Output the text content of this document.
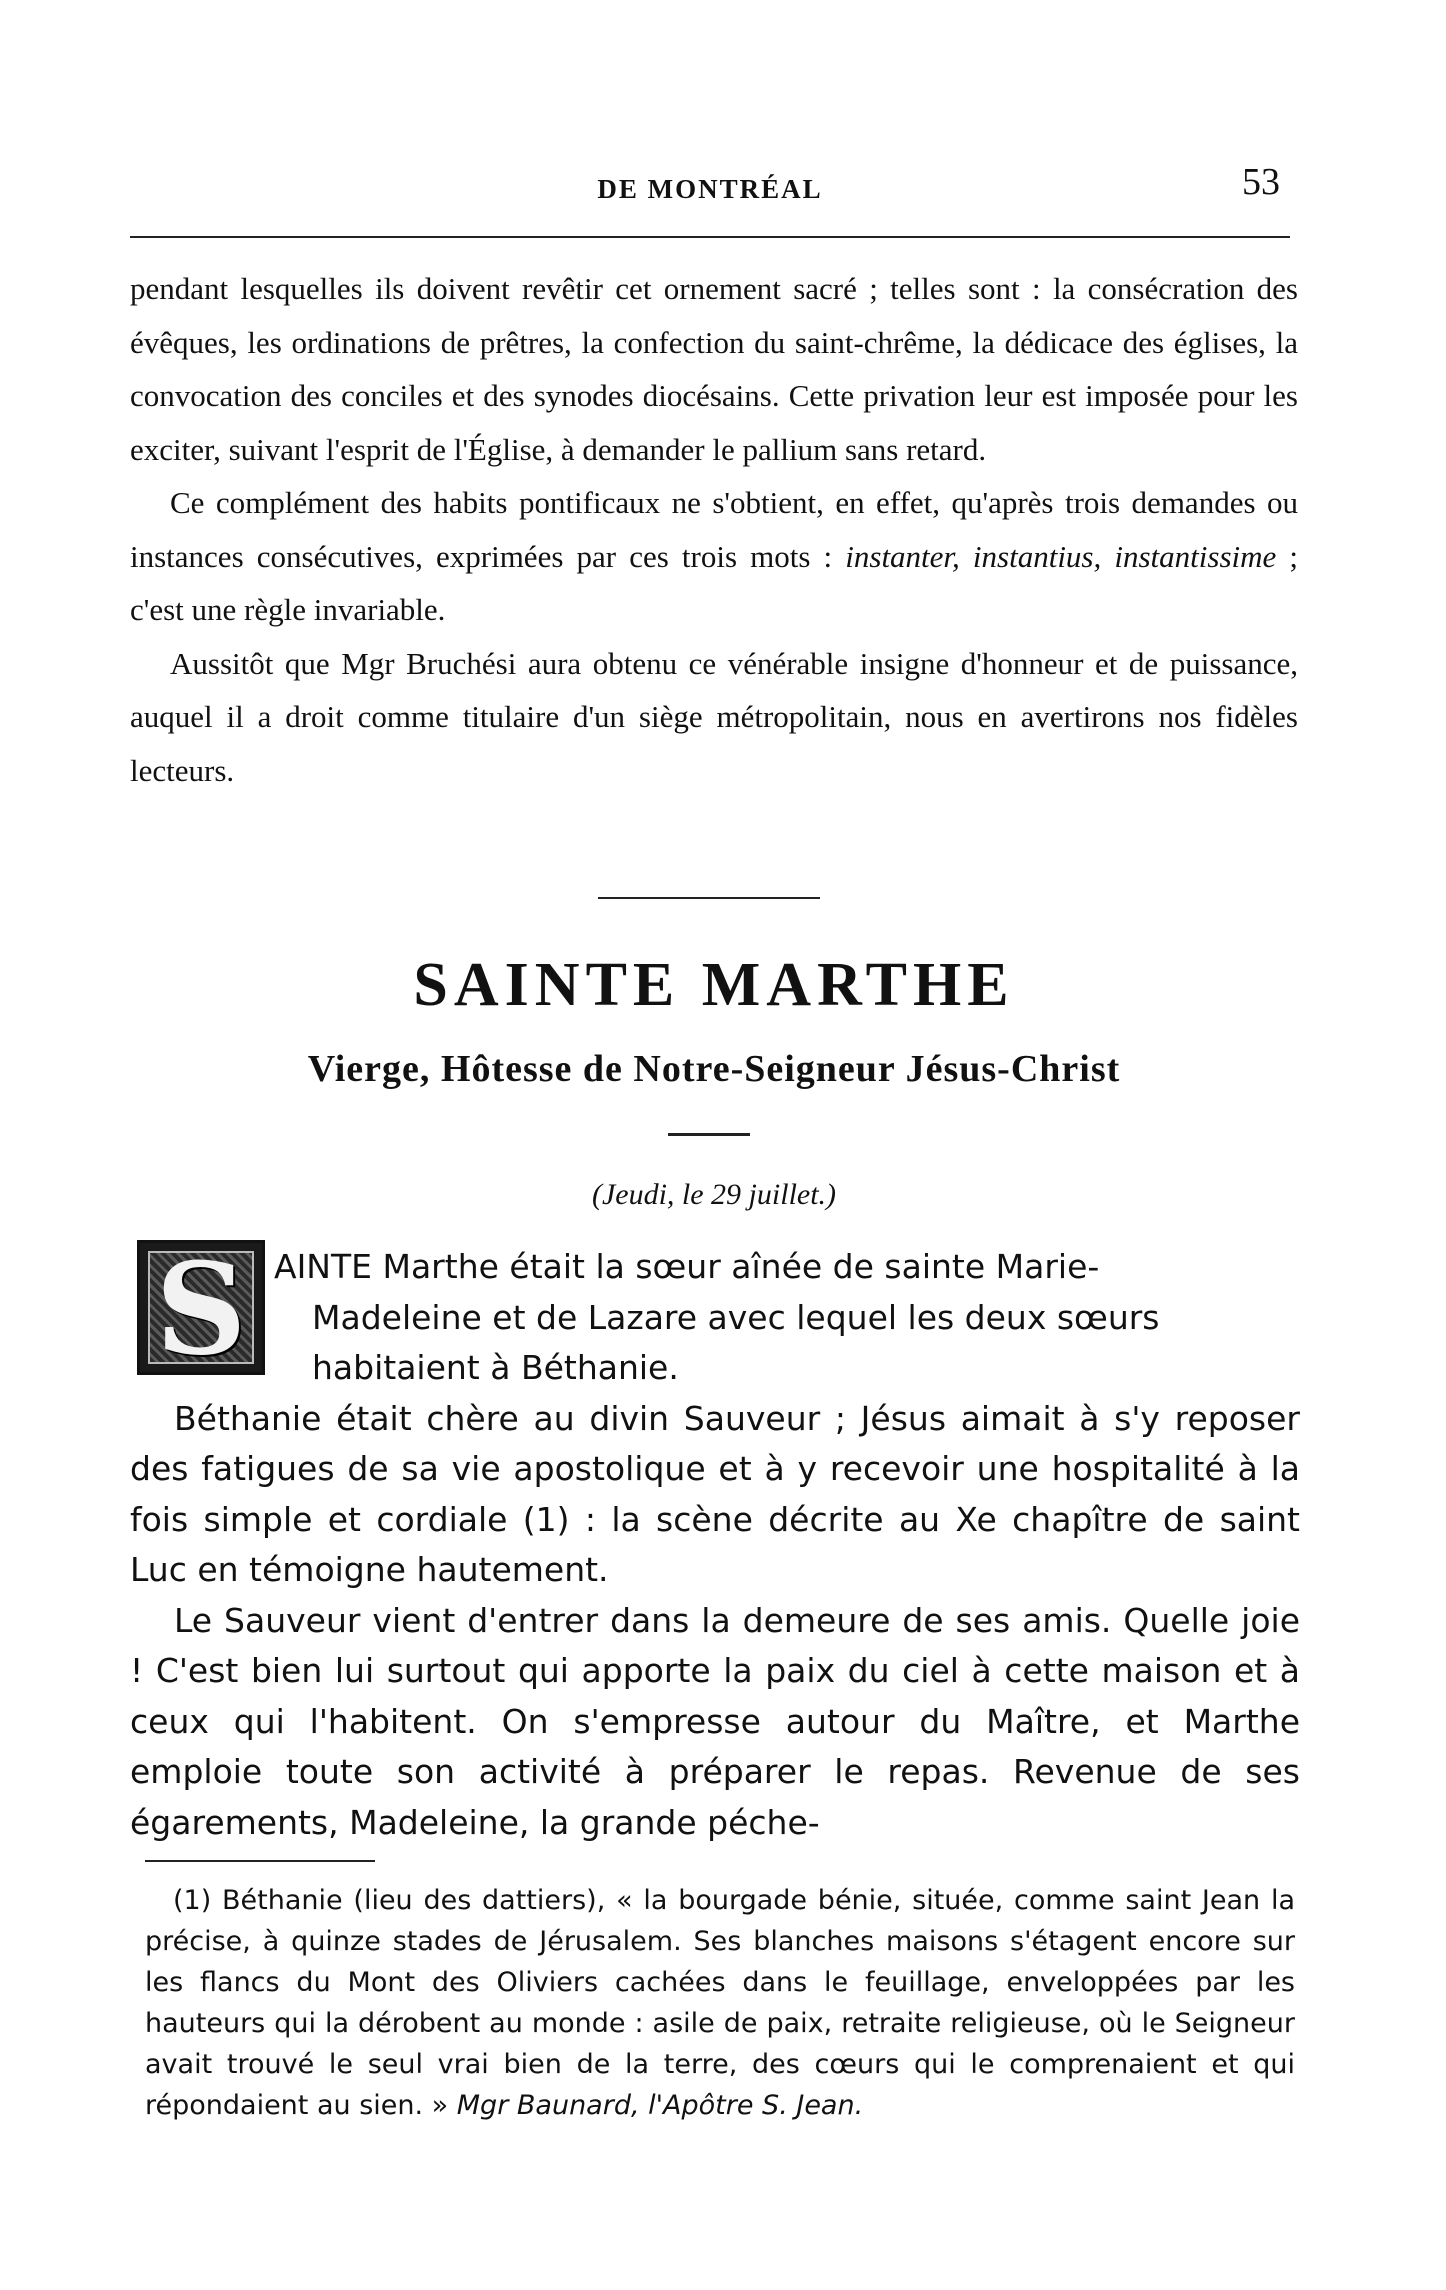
DE MONTRÉAL	53

pendant lesquelles ils doivent revêtir cet ornement sacré ; telles sont : la consécration des évêques, les ordinations de prêtres, la confection du saint-chrême, la dédicace des églises, la convocation des conciles et des synodes diocésains. Cette privation leur est imposée pour les exciter, suivant l'esprit de l'Église, à demander le pallium sans retard.

Ce complément des habits pontificaux ne s'obtient, en effet, qu'après trois demandes ou instances consécutives, exprimées par ces trois mots : instanter, instantius, instantissime ; c'est une règle invariable.

Aussitôt que Mgr Bruchési aura obtenu ce vénérable insigne d'honneur et de puissance, auquel il a droit comme titulaire d'un siège métropolitain, nous en avertirons nos fidèles lecteurs.

SAINTE MARTHE
Vierge, Hôtesse de Notre-Seigneur Jésus-Christ
(Jeudi, le 29 juillet.)
S AINTE Marthe était la sœur aînée de sainte Marie-

Madeleine et de Lazare avec lequel les deux sœurs

habitaient à Béthanie.

Béthanie était chère au divin Sauveur ; Jésus aimait à s'y reposer des fatigues de sa vie apostolique et à y recevoir une hospitalité à la fois simple et cordiale (1) : la scène décrite au Xe chapître de saint Luc en témoigne hautement.

Le Sauveur vient d'entrer dans la demeure de ses amis. Quelle joie ! C'est bien lui surtout qui apporte la paix du ciel à cette maison et à ceux qui l'habitent. On s'empresse autour du Maître, et Marthe emploie toute son activité à préparer le repas. Revenue de ses égarements, Madeleine, la grande péche-

(1) Béthanie (lieu des dattiers), « la bourgade bénie, située, comme saint Jean la précise, à quinze stades de Jérusalem. Ses blanches maisons s'étagent encore sur les flancs du Mont des Oliviers cachées dans le feuillage, enveloppées par les hauteurs qui la dérobent au monde : asile de paix, retraite religieuse, où le Seigneur avait trouvé le seul vrai bien de la terre, des cœurs qui le comprenaient et qui répondaient au sien. » Mgr Baunard, l'Apôtre S. Jean.
